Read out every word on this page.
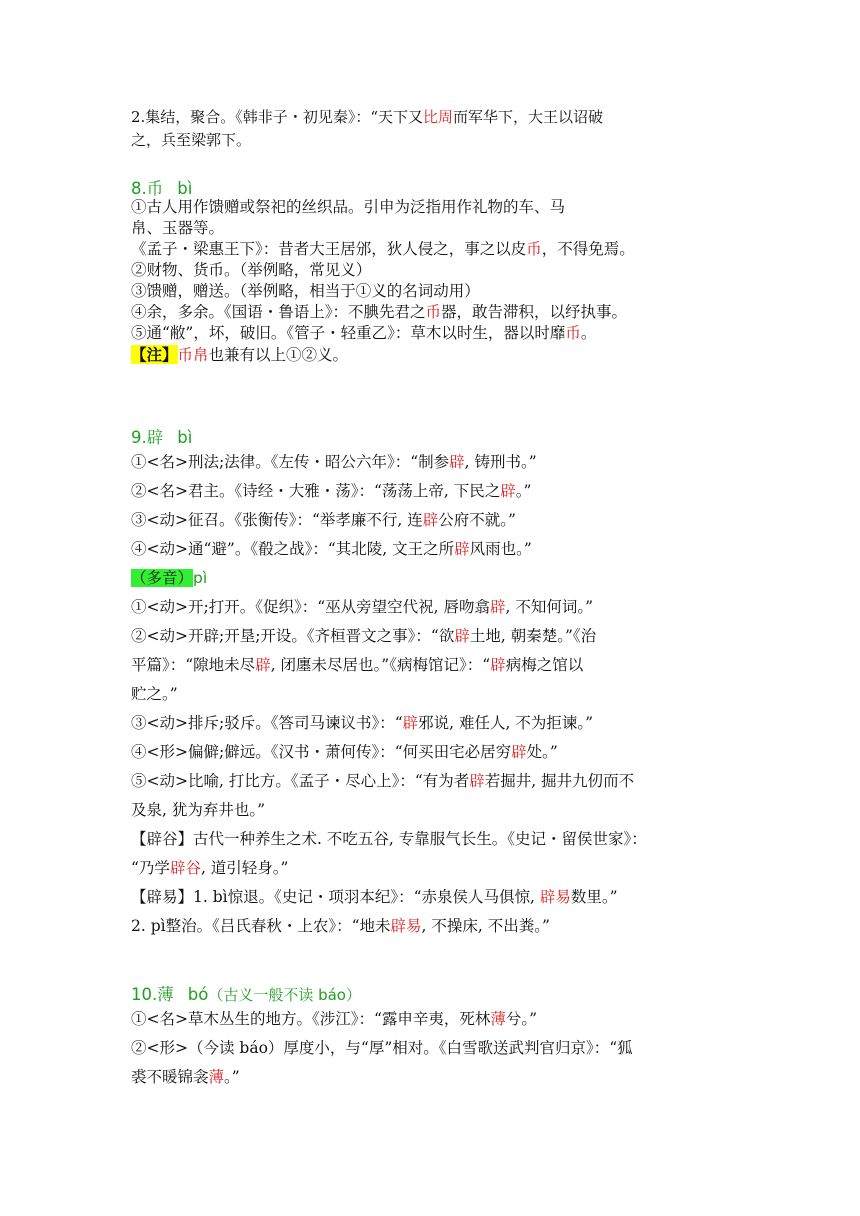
2.集结，聚合。《韩非子・初见秦》：“天下又比周而军华下，大王以诏破
之，兵至梁郭下。
8.币 bì
①古人用作馈赠或祭祀的丝织品。引申为泛指用作礼物的车、马
帛、玉器等。
《孟子・梁惠王下》：昔者大王居邠，狄人侵之，事之以皮币，不得免焉。
②财物、货币。（举例略，常见义）
③馈赠，赠送。（举例略，相当于①义的名词动用）
④余，多余。《国语・鲁语上》：不腆先君之币器，敢告滞积，以纾执事。
⑤通“敝”，坏，破旧。《管子・轻重乙》：草木以时生，器以时靡币。
【注】币帛也兼有以上①②义。
9.辟 bì
①<名>刑法;法律。《左传・昭公六年》：“制参辟, 铸刑书。”
②<名>君主。《诗经・大雅・荡》：“荡荡上帝, 下民之辟。”
③<动>征召。《张衡传》：“举孝廉不行, 连辟公府不就。”
④<动>通“避”。《殽之战》：“其北陵, 文王之所辟风雨也。”
（多音）pì
①<动>开;打开。《促织》：“巫从旁望空代祝, 唇吻翕辟, 不知何词。”
②<动>开辟;开垦;开设。《齐桓晋文之事》：“欲辟土地, 朝秦楚。”《治
平篇》：“隙地未尽辟, 闭廛未尽居也。”《病梅馆记》：“辟病梅之馆以
贮之。”
③<动>排斥;驳斥。《答司马谏议书》：“辟邪说, 难任人, 不为拒谏。”
④<形>偏僻;僻远。《汉书・萧何传》：“何买田宅必居穷辟处。”
⑤<动>比喻, 打比方。《孟子・尽心上》：“有为者辟若掘井, 掘井九仞而不
及泉, 犹为弃井也。”
【辟谷】古代一种养生之术. 不吃五谷, 专靠服气长生。《史记・留侯世家》：
“乃学辟谷, 道引轻身。”
【辟易】1. bì惊退。《史记・项羽本纪》：“赤泉侯人马俱惊, 辟易数里。”
2. pì整治。《吕氏春秋・上农》：“地未辟易, 不操床, 不出粪。”
10.薄 bó（古义一般不读 báo）
①<名>草木丛生的地方。《涉江》：“露申辛夷，死林薄兮。”
②<形>（今读 báo）厚度小，与“厚”相对。《白雪歌送武判官归京》：“狐
裘不暖锦衾薄。”
